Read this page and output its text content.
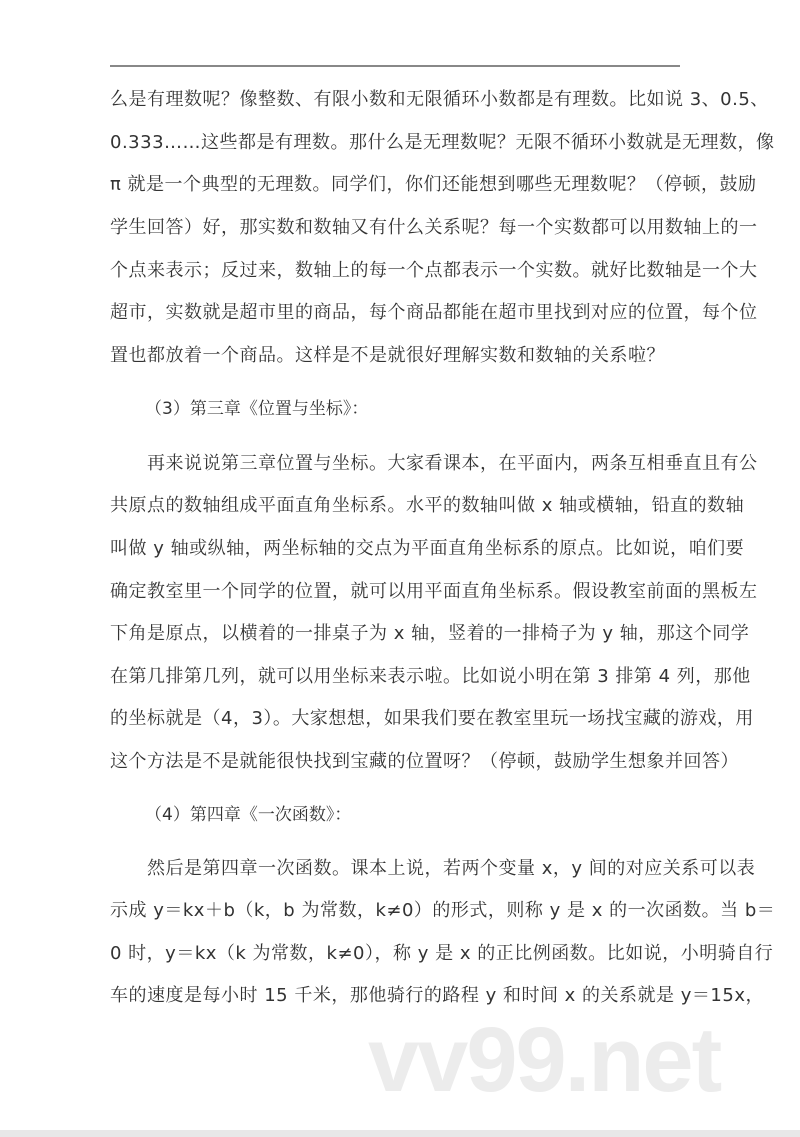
么是有理数呢？像整数、有限小数和无限循环小数都是有理数。比如说 3、0.5、
0.333……这些都是有理数。那什么是无理数呢？无限不循环小数就是无理数，像
π 就是一个典型的无理数。同学们，你们还能想到哪些无理数呢？（停顿，鼓励
学生回答）好，那实数和数轴又有什么关系呢？每一个实数都可以用数轴上的一
个点来表示；反过来，数轴上的每一个点都表示一个实数。就好比数轴是一个大
超市，实数就是超市里的商品，每个商品都能在超市里找到对应的位置，每个位
置也都放着一个商品。这样是不是就很好理解实数和数轴的关系啦？
（3）第三章《位置与坐标》：
　　再来说说第三章位置与坐标。大家看课本，在平面内，两条互相垂直且有公
共原点的数轴组成平面直角坐标系。水平的数轴叫做 x 轴或横轴，铅直的数轴
叫做 y 轴或纵轴，两坐标轴的交点为平面直角坐标系的原点。比如说，咱们要
确定教室里一个同学的位置，就可以用平面直角坐标系。假设教室前面的黑板左
下角是原点，以横着的一排桌子为 x 轴，竖着的一排椅子为 y 轴，那这个同学
在第几排第几列，就可以用坐标来表示啦。比如说小明在第 3 排第 4 列，那他
的坐标就是（4，3）。大家想想，如果我们要在教室里玩一场找宝藏的游戏，用
这个方法是不是就能很快找到宝藏的位置呀？（停顿，鼓励学生想象并回答）
（4）第四章《一次函数》：
　　然后是第四章一次函数。课本上说，若两个变量 x，y 间的对应关系可以表
示成 y＝kx＋b（k，b 为常数，k≠0）的形式，则称 y 是 x 的一次函数。当 b＝
0 时，y＝kx（k 为常数，k≠0），称 y 是 x 的正比例函数。比如说，小明骑自行
车的速度是每小时 15 千米，那他骑行的路程 y 和时间 x 的关系就是 y＝15x，
vv99.net
